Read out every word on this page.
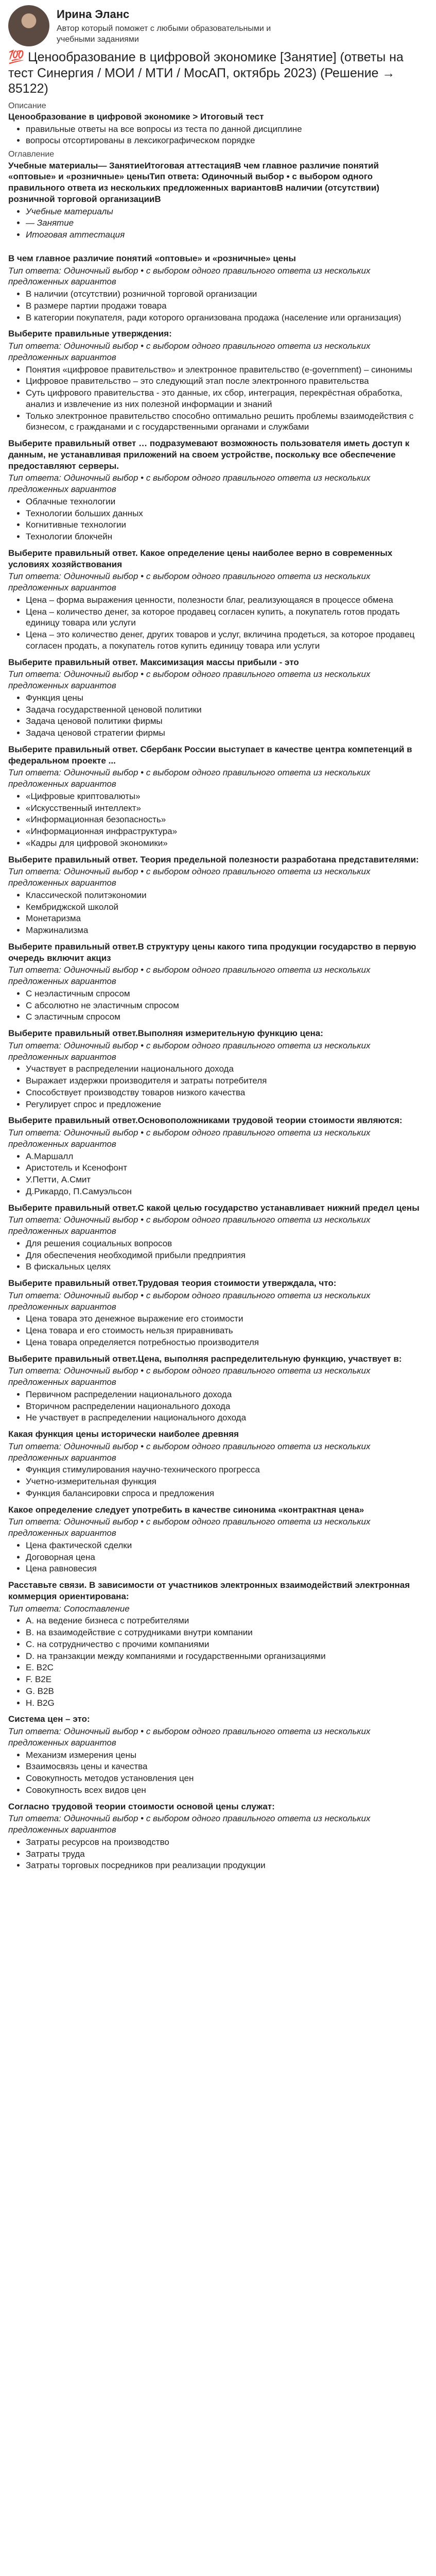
Ирина Эланс
Автор который поможет с любыми образовательными и учебными заданиями
💯 Ценообразование в цифровой экономике [Занятие] (ответы на тест Синергия / МОИ / МТИ / МосАП, октябрь 2023) (Решение → 85122)
Описание
Ценообразование в цифровой экономике > Итоговый тест
• правильные ответы на все вопросы из теста по данной дисциплине
• вопросы отсортированы в лексикографическом порядке
Оглавление
Учебные материалы— ЗанятиеИтоговая аттестацияВ чем главное различие понятий «оптовые» и «розничные» ценыТип ответа: Одиночный выбор • с выбором одного правильного ответа из нескольких предложенных вариантовВ наличии (отсутствии) розничной торговой организацииВ
• Учебные материалы
• — Занятие
• Итоговая аттестация
В чем главное различие понятий «оптовые» и «розничные» цены
Тип ответа: Одиночный выбор • с выбором одного правильного ответа из нескольких предложенных вариантов
• В наличии (отсутствии) розничной торговой организации
• В размере партии продажи товара
• В категории покупателя, ради которого организована продажа (население или организация)
Выберите правильные утверждения:
Тип ответа: Одиночный выбор • с выбором одного правильного ответа из нескольких предложенных вариантов
• Понятия «цифровое правительство» и электронное правительство (e-government) – синонимы
• Цифровое правительство – это следующий этап после электронного правительства
• Суть цифрового правительства - это данные, их сбор, интеграция, перекрёстная обработка, анализ и извлечение из них полезной информации и знаний
• Только электронное правительство способно оптимально решить проблемы взаимодействия с бизнесом, с гражданами и с государственными органами и службами
Выберите правильный ответ … подразумевают возможность пользователя иметь доступ к данным, не устанавливая приложений на своем устройстве, поскольку все обеспечение предоставляют серверы.
Тип ответа: Одиночный выбор • с выбором одного правильного ответа из нескольких предложенных вариантов
• Облачные технологии
• Технологии больших данных
• Когнитивные технологии
• Технологии блокчейн
Выберите правильный ответ. Какое определение цены наиболее верно в современных условиях хозяйствования
Тип ответа: Одиночный выбор • с выбором одного правильного ответа из нескольких предложенных вариантов
• Цена – форма выражения ценности, полезности благ, реализующаяся в процессе обмена
• Цена – количество денег, за которое продавец согласен купить, а покупатель готов продать единицу товара или услуги
• Цена – это количество денег, других товаров и услуг, вкличина продеться, за которое продавец согласен продать, а покупатель готов купить единицу товара или услуги
Выберите правильный ответ. Максимизация массы прибыли - это
Тип ответа: Одиночный выбор • с выбором одного правильного ответа из нескольких предложенных вариантов
• Функция цены
• Задача государственной ценовой политики
• Задача ценовой политики фирмы
• Задача ценовой стратегии фирмы
Выберите правильный ответ. Сбербанк России выступает в качестве центра компетенций в федеральном проекте ...
Тип ответа: Одиночный выбор • с выбором одного правильного ответа из нескольких предложенных вариантов
• «Цифровые криптовалюты»
• «Искусственный интеллект»
• «Информационная безопасность»
• «Информационная инфраструктура»
• «Кадры для цифровой экономики»
Выберите правильный ответ. Теория предельной полезности разработана представителями:
Тип ответа: Одиночный выбор • с выбором одного правильного ответа из нескольких предложенных вариантов
• Классической политэкономии
• Кембриджской школой
• Монетаризма
• Маржинализма
Выберите правильный ответ.В структуру цены какого типа продукции государство в первую очередь включит акциз
Тип ответа: Одиночный выбор • с выбором одного правильного ответа из нескольких предложенных вариантов
• С неэластичным спросом
• С абсолютно не эластичным спросом
• С эластичным спросом
Выберите правильный ответ.Выполняя измерительную функцию цена:
Тип ответа: Одиночный выбор • с выбором одного правильного ответа из нескольких предложенных вариантов
• Участвует в распределении национального дохода
• Выражает издержки производителя и затраты потребителя
• Способствует производству товаров низкого качества
• Регулирует спрос и предложение
Выберите правильный ответ.Основоположниками трудовой теории стоимости являются:
Тип ответа: Одиночный выбор • с выбором одного правильного ответа из нескольких предложенных вариантов
• А.Маршалл
• Аристотель и Ксенофонт
• У.Петти, А.Смит
• Д.Рикардо, П.Самуэльсон
Выберите правильный ответ.С какой целью государство устанавливает нижний предел цены
Тип ответа: Одиночный выбор • с выбором одного правильного ответа из нескольких предложенных вариантов
• Для решения социальных вопросов
• Для обеспечения необходимой прибыли предприятия
• В фискальных целях
Выберите правильный ответ.Трудовая теория стоимости утверждала, что:
Тип ответа: Одиночный выбор • с выбором одного правильного ответа из нескольких предложенных вариантов
• Цена товара это денежное выражение его стоимости
• Цена товара и его стоимость нельзя приравнивать
• Цена товара определяется потребностью производителя
Выберите правильный ответ.Цена, выполняя распределительную функцию, участвует в:
Тип ответа: Одиночный выбор • с выбором одного правильного ответа из нескольких предложенных вариантов
• Первичном распределении национального дохода
• Вторичном распределении национального дохода
• Не участвует в распределении национального дохода
Какая функция цены исторически наиболее древняя
Тип ответа: Одиночный выбор • с выбором одного правильного ответа из нескольких предложенных вариантов
• Функция стимулирования научно-технического прогресса
• Учетно-измерительная функция
• Функция балансировки спроса и предложения
Какое определение следует употребить в качестве синонима «контрактная цена»
Тип ответа: Одиночный выбор • с выбором одного правильного ответа из нескольких предложенных вариантов
• Цена фактической сделки
• Договорная цена
• Цена равновесия
Расставьте связи. В зависимости от участников электронных взаимодействий электронная коммерция ориентирована:
Тип ответа: Сопоставление
• A. на ведение бизнеса с потребителями
• B. на взаимодействие с сотрудниками внутри компании
• C. на сотрудничество с прочими компаниями
• D. на транзакции между компаниями и государственными организациями
• E. B2C
• F. B2E
• G. B2B
• H. B2G
Система цен – это:
Тип ответа: Одиночный выбор • с выбором одного правильного ответа из нескольких предложенных вариантов
• Механизм измерения цены
• Взаимосвязь цены и качества
• Совокупность методов установления цен
• Совокупность всех видов цен
Согласно трудовой теории стоимости основой цены служат:
Тип ответа: Одиночный выбор • с выбором одного правильного ответа из нескольких предложенных вариантов
• Затраты ресурсов на производство
• Затраты труда
• Затраты торговых посредников при реализации продукции
